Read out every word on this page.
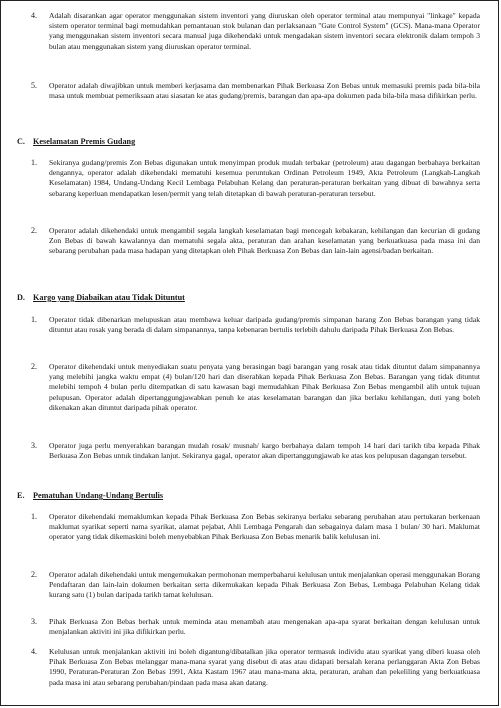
4. Adalah disarankan agar operator menggunakan sistem inventori yang diuruskan oleh operator terminal atau mempunyai "linkage" kepada sistem operator terminal bagi memudahkan pemantauan stok bulanan dan perlaksanaan "Gate Control System" (GCS). Mana-mana Operator yang menggunakan sistem inventori secara manual juga dikehendaki untuk mengadakan sistem inventori secara elektronik dalam tempoh 3 bulan atau menggunakan sistem yang diuruskan operator terminal.
5. Operator adalah diwajibkan untuk memberi kerjasama dan membenarkan Pihak Berkuasa Zon Bebas untuk memasuki premis pada bila-bila masa untuk membuat pemeriksaan atau siasatan ke atas gudang/premis, barangan dan apa-apa dokumen pada bila-bila masa difikirkan perlu.
C. Keselamatan Premis Gudang
1. Sekiranya gudang/premis Zon Bebas digunakan untuk menyimpan produk mudah terbakar (petroleum) atau dagangan berbahaya berkaitan dengannya, operator adalah dikehendaki mematuhi kesemua peruntukan Ordinan Petroleum 1949, Akta Petroleum (Langkah-Langkah Keselamatan) 1984, Undang-Undang Kecil Lembaga Pelabuhan Kelang dan peraturan-peraturan berkaitan yang dibuat di bawahnya serta sebarang keperluan mendapatkan lesen/permit yang telah ditetapkan di bawah peraturan-peraturan tersebut.
2. Operator adalah dikehendaki untuk mengambil segala langkah keselamatan bagi mencegah kebakaran, kehilangan dan kecurian di gudang Zon Bebas di bawah kawalannya dan mematuhi segala akta, peraturan dan arahan keselamatan yang berkuatkuasa pada masa ini dan sebarang perubahan pada masa hadapan yang ditetapkan oleh Pihak Berkuasa Zon Bebas dan lain-lain agensi/badan berkaitan.
D. Kargo yang Diabaikan atau Tidak Dituntut
1. Operator tidak dibenarkan melupuskan atau membawa keluar daripada gudang/premis simpanan barang Zon Bebas barangan yang tidak dituntut atau rosak yang berada di dalam simpanannya, tanpa kebenaran bertulis terlebih dahulu daripada Pihak Berkuasa Zon Bebas.
2. Operator dikehendaki untuk menyediakan suatu penyata yang berasingan bagi barangan yang rosak atau tidak dituntut dalam simpanannya yang melebihi jangka waktu empat (4) bulan/120 hari dan diserahkan kepada Pihak Berkuasa Zon Bebas. Barangan yang tidak dituntut melebihi tempoh 4 bulan perlu ditempatkan di satu kawasan bagi memudahkan Pihak Berkuasa Zon Bebas mengambil alih untuk tujuan pelupusan. Operator adalah dipertanggungjawabkan penuh ke atas keselamatan barangan dan jika berlaku kehilangan, duti yang boleh dikenakan akan dituntut daripada pihak operator.
3. Operator juga perlu menyerahkan barangan mudah rosak/ musnah/ kargo berbahaya dalam tempoh 14 hari dari tarikh tiba kepada Pihak Berkuasa Zon Bebas untuk tindakan lanjut. Sekiranya gagal, operator akan dipertanggungjawab ke atas kos pelupusan dagangan tersebut.
E. Pematuhan Undang-Undang Bertulis
1. Operator dikehendaki memaklumkan kepada Pihak Berkuasa Zon Bebas sekiranya berlaku sebarang perubahan atau pertukaran berkenaan maklumat syarikat seperti nama syarikat, alamat pejabat, Ahli Lembaga Pengarah dan sebagainya dalam masa 1 bulan/ 30 hari. Maklumat operator yang tidak dikemaskini boleh menyebabkan Pihak Berkuasa Zon Bebas menarik balik kelulusan ini.
2. Operator adalah dikehendaki untuk mengemukakan permohonan memperbaharui kelulusan untuk menjalankan operasi menggunakan Borang Pendaftaran dan lain-lain dokumen berkaitan serta dikemukakan kepada Pihak Berkuasa Zon Bebas, Lembaga Pelabuhan Kelang tidak kurang satu (1) bulan daripada tarikh tamat kelulusan.
3. Pihak Berkuasa Zon Bebas berhak untuk meminda atau menambah atau mengenakan apa-apa syarat berkaitan dengan kelulusan untuk menjalankan aktiviti ini jika difikirkan perlu.
4. Kelulusan untuk menjalankan aktiviti ini boleh digantung/dibatalkan jika operator termasuk individu atau syarikat yang diberi kuasa oleh Pihak Berkuasa Zon Bebas melanggar mana-mana syarat yang disebut di atas atau didapati bersalah kerana perlanggaran Akta Zon Bebas 1990, Peraturan-Peraturan Zon Bebas 1991, Akta Kastam 1967 atau mana-mana akta, peraturan, arahan dan pekeliling yang berkuatkuasa pada masa ini atau sebarang perubahan/pindaan pada masa akan datang.
